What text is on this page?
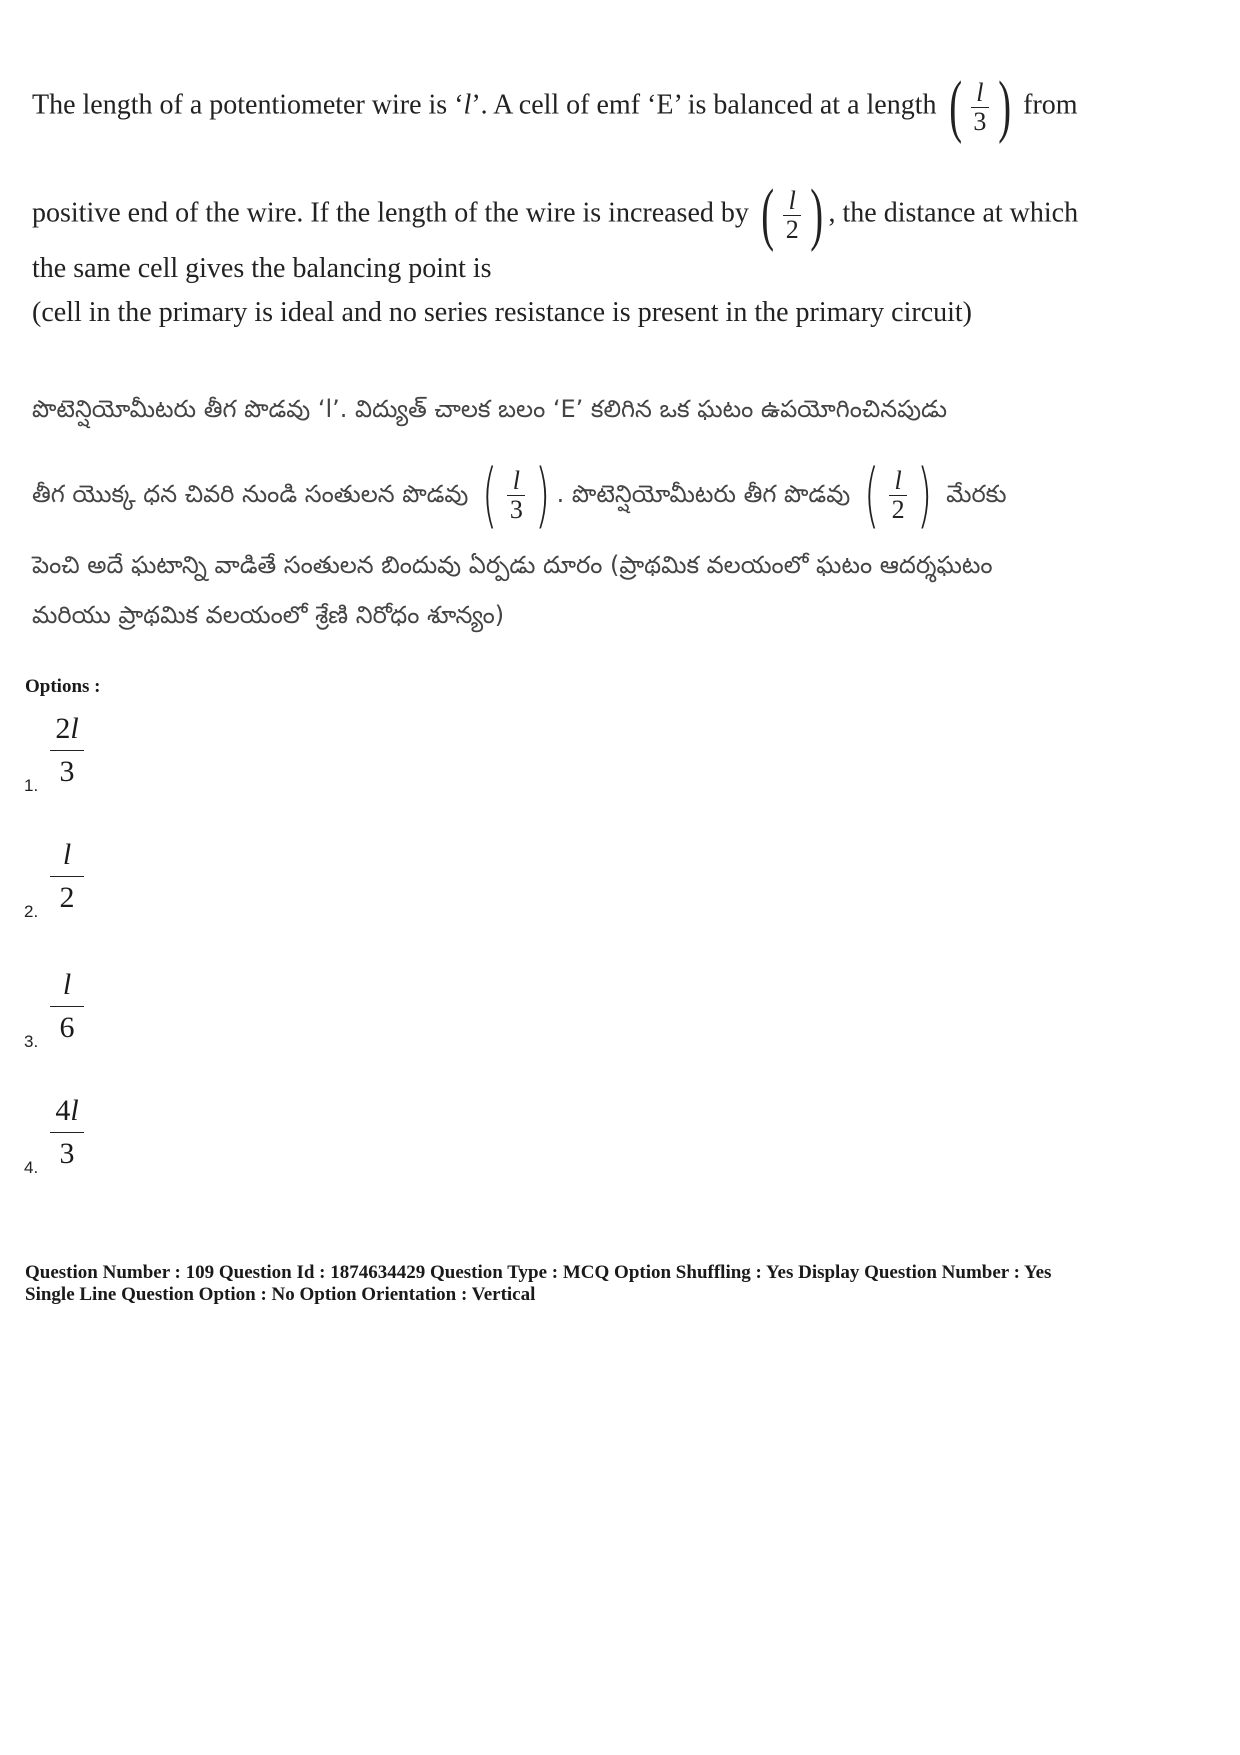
The length of a potentiometer wire is ‘l’. A cell of emf ‘E’ is balanced at a length ( $\frac{l}{3}$ ) from
positive end of the wire. If the length of the wire is increased by ( $\frac{l}{2}$ ) , the distance at which
the same cell gives the balancing point is
(cell in the primary is ideal and no series resistance is present in the primary circuit)
పొటెన్షియోమీటరు తీగ పొడవు ‘l’. విద్యుత్ చాలక బలం ‘E’ కలిగిన ఒక ఘటం ఉపయోగించినపుడు
తీగ యొక్క ధన చివరి నుండి సంతులన పొడవు ( $\frac{l}{3}$ ) . పొటెన్షియోమీటరు తీగ పొడవు ( $\frac{l}{2}$ ) మేరకు
పెంచి అదే ఘటాన్ని వాడితే సంతులన బిందువు ఏర్పడు దూరం (ప్రాథమిక వలయంలో ఘటం ఆదర్శఘటం
మరియు ప్రాథమిక వలయంలో శ్రేణి నిరోధం శూన్యం)
Options :
1.
2l
3
2.
l
2
3.
l
6
4.
4l
3
Question Number : 109 Question Id : 1874634429 Question Type : MCQ Option Shuffling : Yes Display Question Number : Yes
Single Line Question Option : No Option Orientation : Vertical
